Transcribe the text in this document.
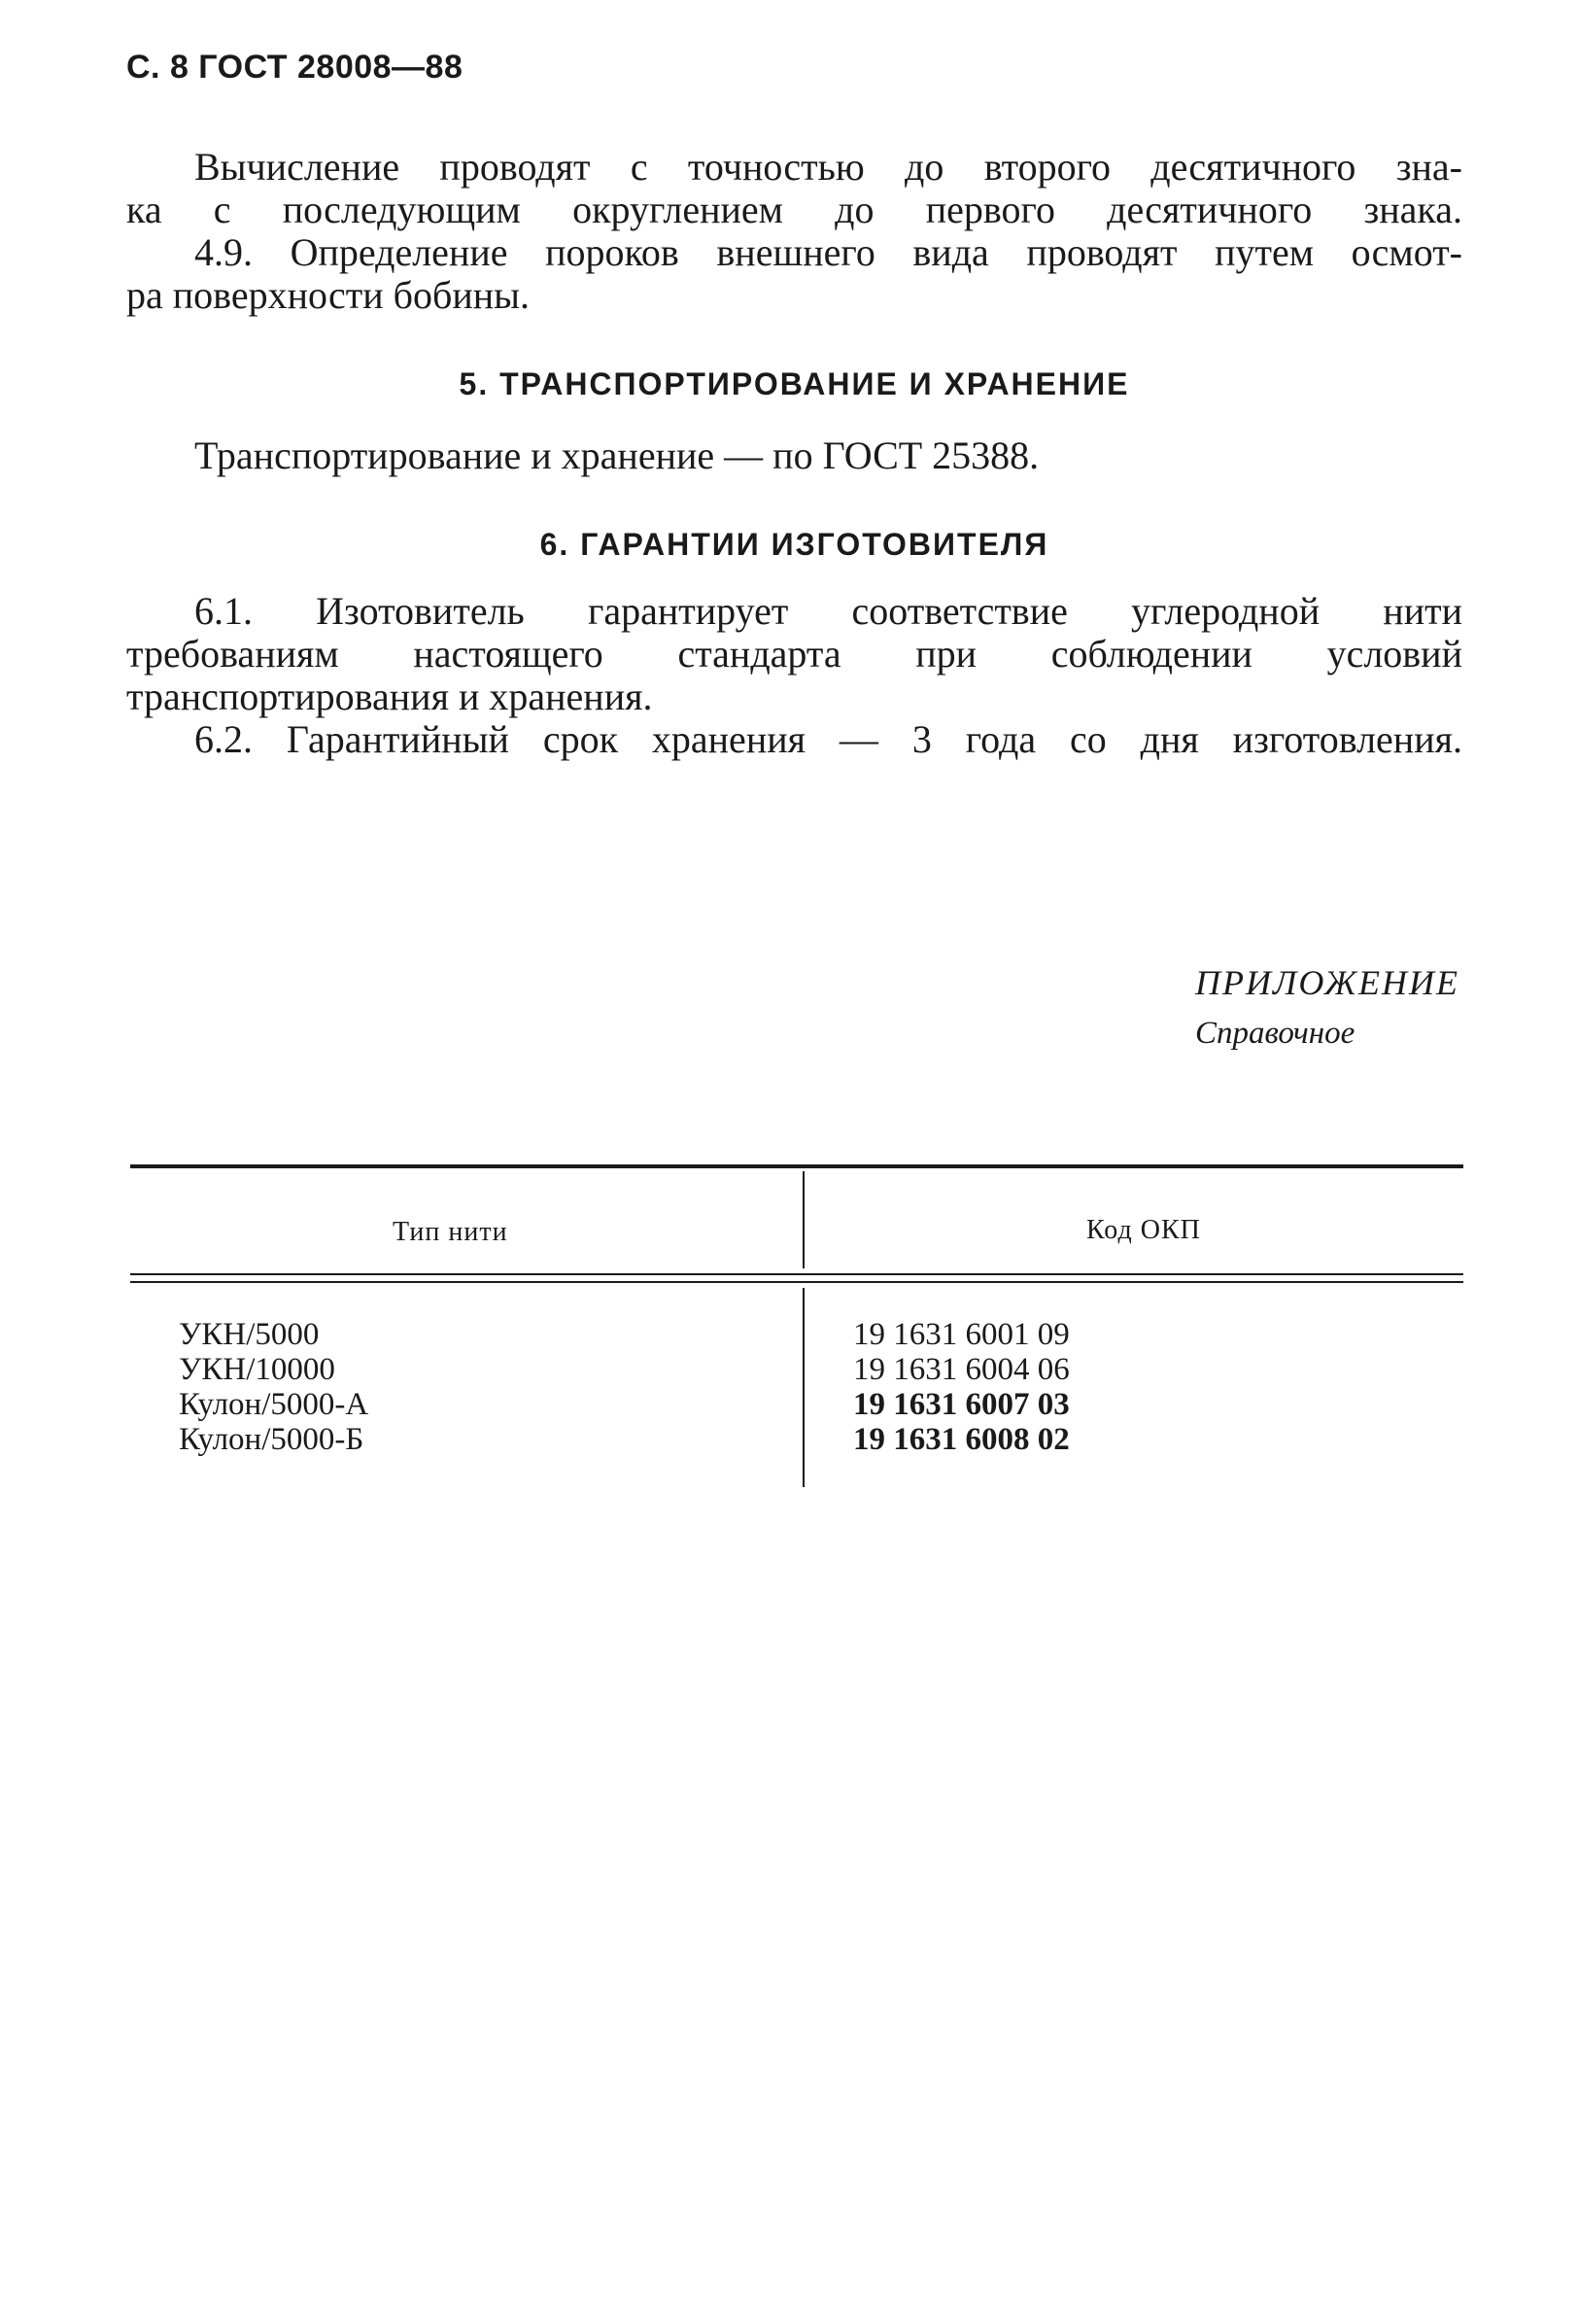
С. 8 ГОСТ 28008—88
Вычисление проводят с точностью до второго десятичного зна-
ка с последующим округлением до первого десятичного знака.
4.9. Определение пороков внешнего вида проводят путем осмот-
ра поверхности бобины.
5. ТРАНСПОРТИРОВАНИЕ И ХРАНЕНИЕ
Транспортирование и хранение — по ГОСТ 25388.
6. ГАРАНТИИ ИЗГОТОВИТЕЛЯ
6.1. Изотовитель гарантирует соответствие углеродной нити
требованиям настоящего стандарта при соблюдении условий
транспортирования и хранения.
6.2. Гарантийный срок хранения — 3 года со дня изготовления.
ПРИЛОЖЕНИЕ
Справочное
Тип нити	Код ОКП
УКН/5000	19 1631 6001 09
УКН/10000	19 1631 6004 06
Кулон/5000-А	19 1631 6007 03
Кулон/5000-Б	19 1631 6008 02
